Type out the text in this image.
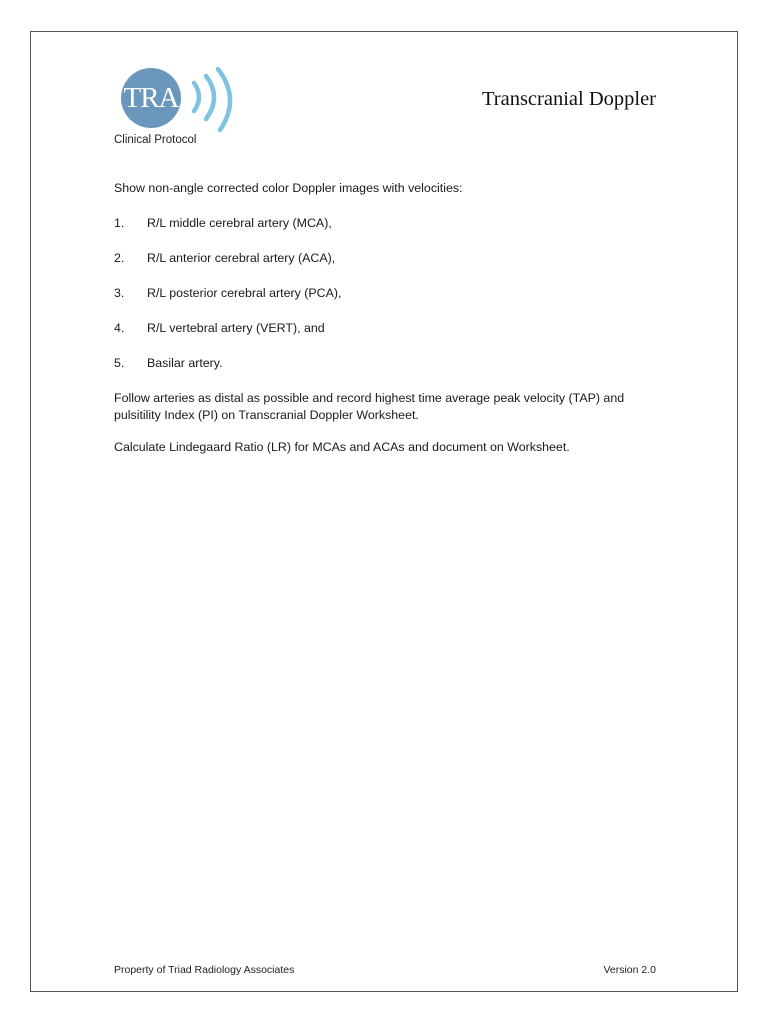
TRA
Clinical Protocol
Transcranial Doppler

Show non-angle corrected color Doppler images with velocities:

1.	R/L middle cerebral artery (MCA),
2.	R/L anterior cerebral artery (ACA),
3.	R/L posterior cerebral artery (PCA),
4.	R/L vertebral artery (VERT), and
5.	Basilar artery.

Follow arteries as distal as possible and record highest time average peak velocity (TAP) and pulsitility Index (PI) on Transcranial Doppler Worksheet.

Calculate Lindegaard Ratio (LR) for MCAs and ACAs and document on Worksheet.

Property of Triad Radiology Associates	Version 2.0
